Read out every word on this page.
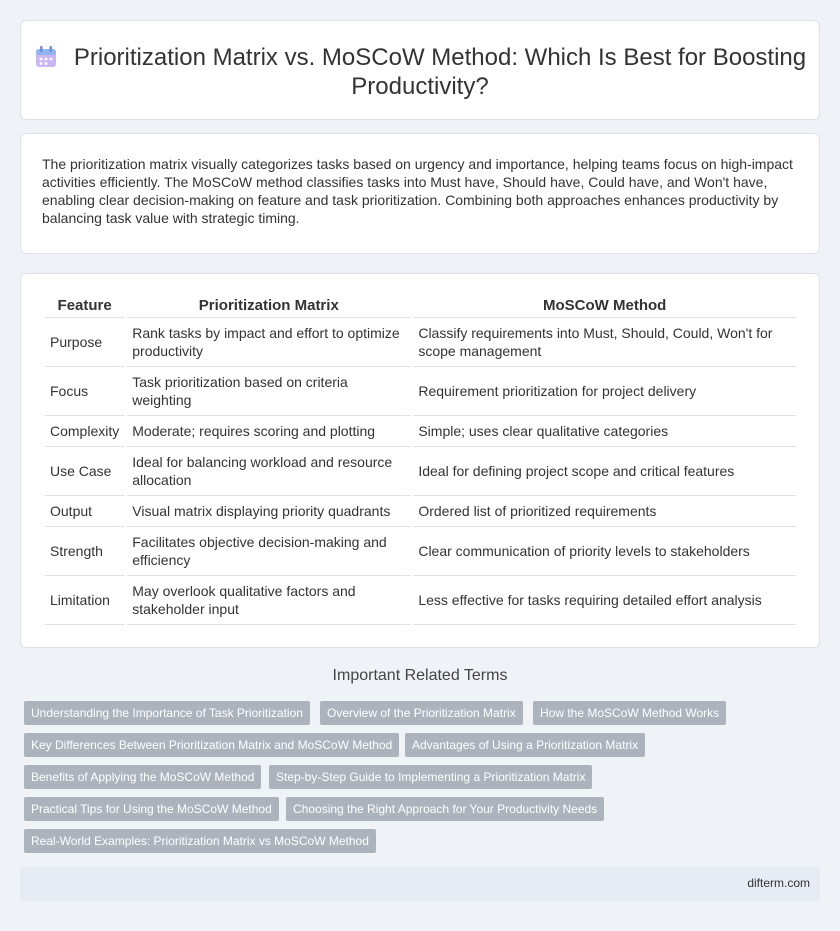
Prioritization Matrix vs. MoSCoW Method: Which Is Best for Boosting Productivity?

The prioritization matrix visually categorizes tasks based on urgency and importance, helping teams focus on high-impact activities efficiently. The MoSCoW method classifies tasks into Must have, Should have, Could have, and Won't have, enabling clear decision-making on feature and task prioritization. Combining both approaches enhances productivity by balancing task value with strategic timing.

Feature	Prioritization Matrix	MoSCoW Method
Purpose	Rank tasks by impact and effort to optimize productivity	Classify requirements into Must, Should, Could, Won't for scope management
Focus	Task prioritization based on criteria weighting	Requirement prioritization for project delivery
Complexity	Moderate; requires scoring and plotting	Simple; uses clear qualitative categories
Use Case	Ideal for balancing workload and resource allocation	Ideal for defining project scope and critical features
Output	Visual matrix displaying priority quadrants	Ordered list of prioritized requirements
Strength	Facilitates objective decision-making and efficiency	Clear communication of priority levels to stakeholders
Limitation	May overlook qualitative factors and stakeholder input	Less effective for tasks requiring detailed effort analysis
Important Related Terms
Understanding the Importance of Task Prioritization	Overview of the Prioritization Matrix	How the MoSCoW Method Works
Key Differences Between Prioritization Matrix and MoSCoW Method	Advantages of Using a Prioritization Matrix
Benefits of Applying the MoSCoW Method	Step-by-Step Guide to Implementing a Prioritization Matrix
Practical Tips for Using the MoSCoW Method	Choosing the Right Approach for Your Productivity Needs
Real-World Examples: Prioritization Matrix vs MoSCoW Method
difterm.com
